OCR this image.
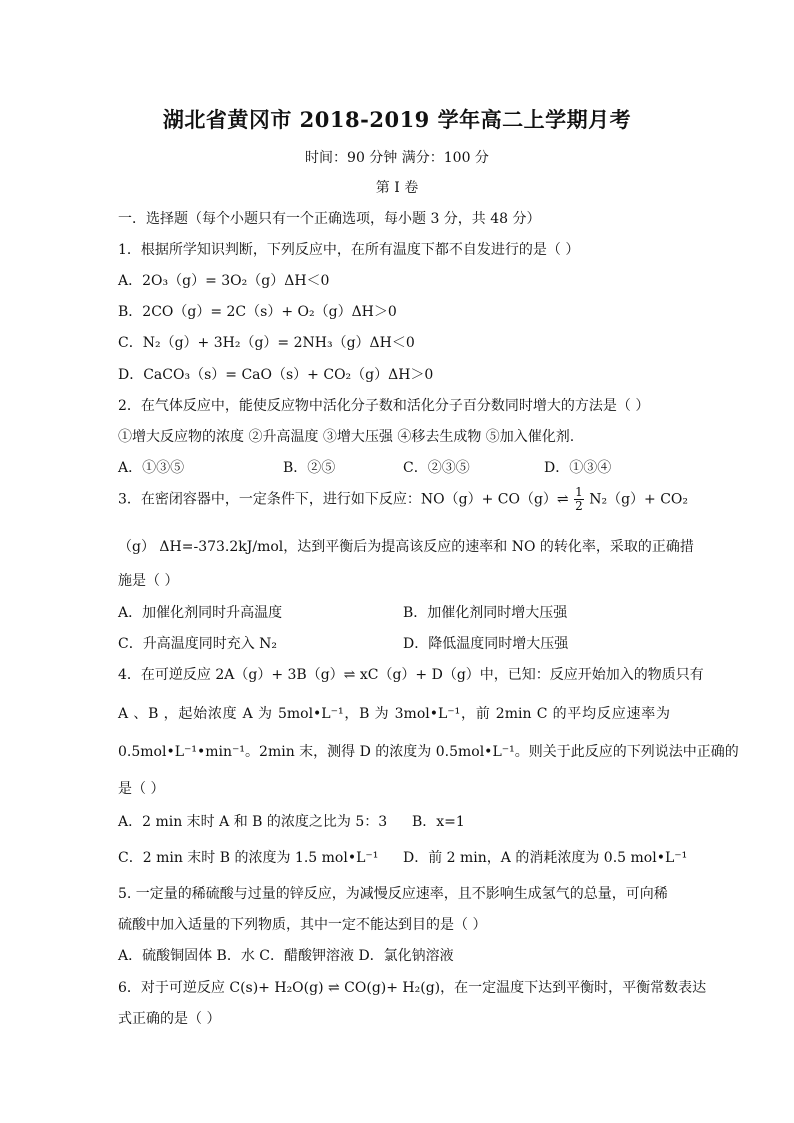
湖北省黄冈市 2018-2019 学年高二上学期月考
时间：90 分钟 满分：100 分
第 I 卷
一．选择题（每个小题只有一个正确选项，每小题 3 分，共 48 分）
1．根据所学知识判断，下列反应中，在所有温度下都不自发进行的是（ ）
A．2O₃（g）= 3O₂（g）ΔH＜0
B．2CO（g）= 2C（s）+ O₂（g）ΔH＞0
C．N₂（g）+ 3H₂（g）= 2NH₃（g）ΔH＜0
D．CaCO₃（s）= CaO（s）+ CO₂（g）ΔH＞0
2．在气体反应中，能使反应物中活化分子数和活化分子百分数同时增大的方法是（ ）
①增大反应物的浓度 ②升高温度 ③增大压强 ④移去生成物 ⑤加入催化剂.
A．①③⑤	B．②⑤	C．②③⑤	D．①③④
3．在密闭容器中，一定条件下，进行如下反应：NO（g）+ CO（g）⇌ $\frac{1}{2} N_2(g)+ CO_2$
（g） ΔH=-373.2kJ/mol，达到平衡后为提高该反应的速率和 NO 的转化率，采取的正确措
施是（ ）
A．加催化剂同时升高温度	B．加催化剂同时增大压强
C．升高温度同时充入 N₂	D．降低温度同时增大压强
4．在可逆反应 2A（g）+ 3B（g）⇌ xC（g）+ D（g）中，已知：反应开始加入的物质只有
A 、B ，起始浓度 A 为 5mol•L⁻¹，B 为 3mol•L⁻¹，前 2min C 的平均反应速率为
0.5mol•L⁻¹•min⁻¹。2min 末，测得 D 的浓度为 0.5mol•L⁻¹。则关于此反应的下列说法中正确的
是（ ）
A．2 min 末时 A 和 B 的浓度之比为 5：3 B．x=1
C．2 min 末时 B 的浓度为 1.5 mol•L⁻¹ D．前 2 min，A 的消耗浓度为 0.5 mol•L⁻¹
5. 一定量的稀硫酸与过量的锌反应，为减慢反应速率，且不影响生成氢气的总量，可向稀
硫酸中加入适量的下列物质，其中一定不能达到目的是（ ）
A．硫酸铜固体 B．水 C．醋酸钾溶液 D．氯化钠溶液
6．对于可逆反应 C(s)+ H₂O(g) ⇌ CO(g)+ H₂(g)，在一定温度下达到平衡时，平衡常数表达
式正确的是（ ）
